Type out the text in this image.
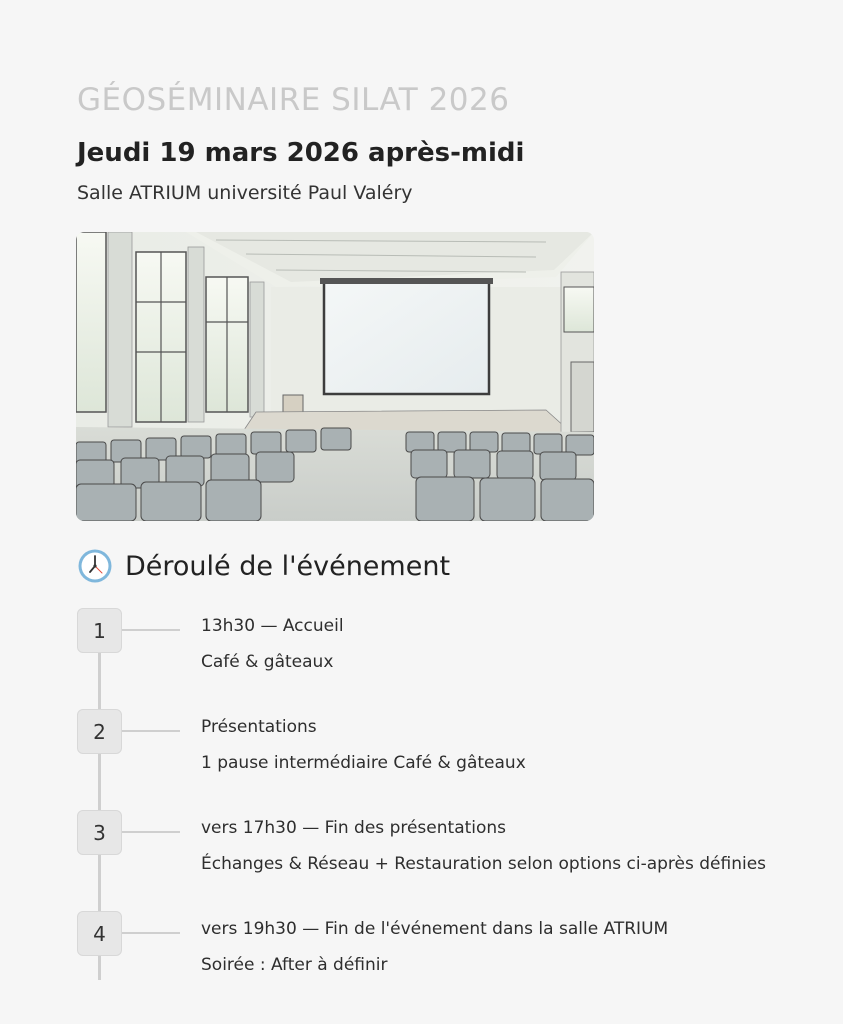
GÉOSÉMINAIRE SILAT 2026
Jeudi 19 mars 2026 après-midi
Salle ATRIUM université Paul Valéry
Déroulé de l'événement
1	13h30 — Accueil
Café & gâteaux
2	Présentations
1 pause intermédiaire Café & gâteaux
3	vers 17h30 — Fin des présentations
Échanges & Réseau + Restauration selon options ci-après définies
4	vers 19h30 — Fin de l'événement dans la salle ATRIUM
Soirée : After à définir
